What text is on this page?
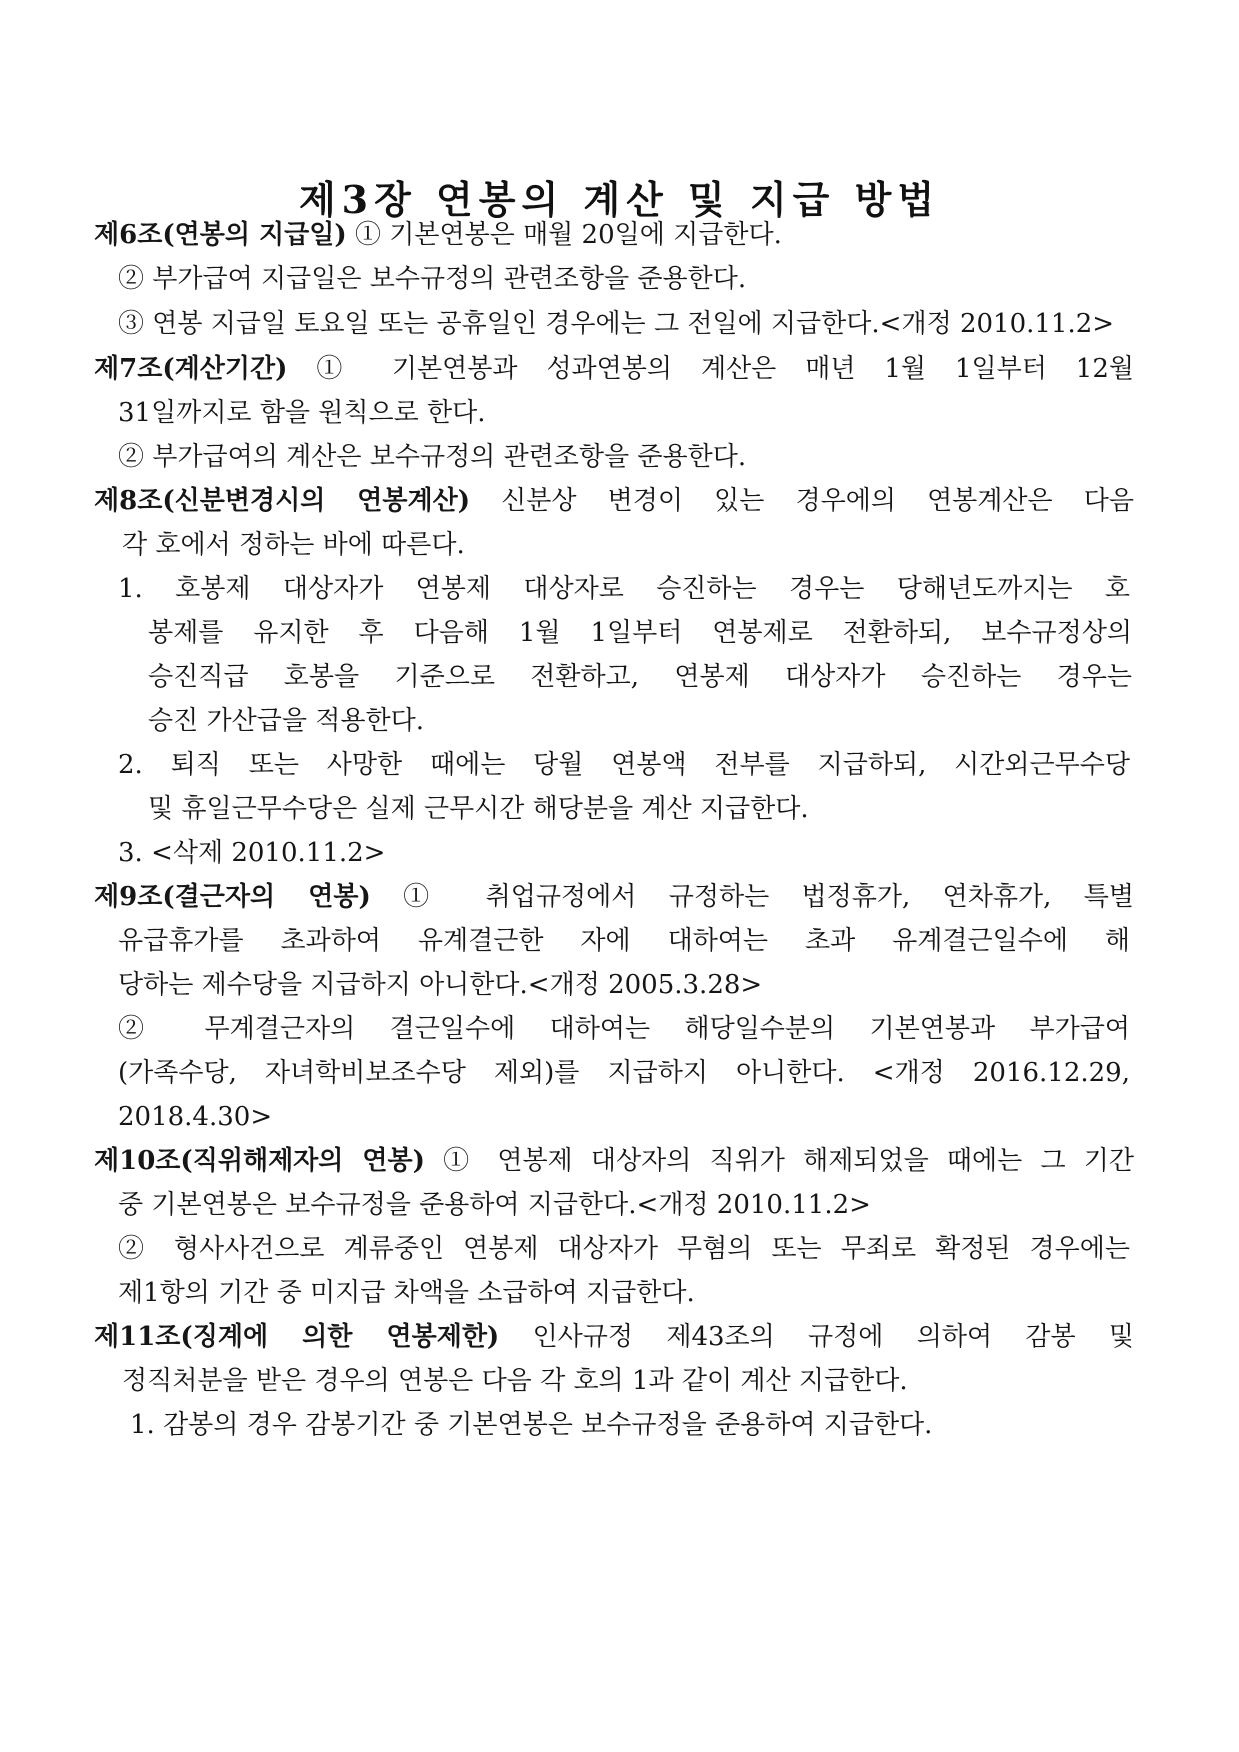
제3장 연봉의 계산 및 지급 방법
제6조(연봉의 지급일) ① 기본연봉은 매월 20일에 지급한다.
② 부가급여 지급일은 보수규정의 관련조항을 준용한다.
③ 연봉 지급일 토요일 또는 공휴일인 경우에는 그 전일에 지급한다.<개정 2010.11.2>
제7조(계산기간) ① 기본연봉과 성과연봉의 계산은 매년 1월 1일부터 12월
31일까지로 함을 원칙으로 한다.
② 부가급여의 계산은 보수규정의 관련조항을 준용한다.
제8조(신분변경시의 연봉계산) 신분상 변경이 있는 경우에의 연봉계산은 다음
각 호에서 정하는 바에 따른다.
1. 호봉제 대상자가 연봉제 대상자로 승진하는 경우는 당해년도까지는 호
봉제를 유지한 후 다음해 1월 1일부터 연봉제로 전환하되, 보수규정상의
승진직급 호봉을 기준으로 전환하고, 연봉제 대상자가 승진하는 경우는
승진 가산급을 적용한다.
2. 퇴직 또는 사망한 때에는 당월 연봉액 전부를 지급하되, 시간외근무수당
및 휴일근무수당은 실제 근무시간 해당분을 계산 지급한다.
3. <삭제 2010.11.2>
제9조(결근자의 연봉) ① 취업규정에서 규정하는 법정휴가, 연차휴가, 특별
유급휴가를 초과하여 유계결근한 자에 대하여는 초과 유계결근일수에 해
당하는 제수당을 지급하지 아니한다.<개정 2005.3.28>
② 무계결근자의 결근일수에 대하여는 해당일수분의 기본연봉과 부가급여
(가족수당, 자녀학비보조수당 제외)를 지급하지 아니한다. <개정 2016.12.29,
2018.4.30>
제10조(직위해제자의 연봉) ① 연봉제 대상자의 직위가 해제되었을 때에는 그 기간
중 기본연봉은 보수규정을 준용하여 지급한다.<개정 2010.11.2>
② 형사사건으로 계류중인 연봉제 대상자가 무혐의 또는 무죄로 확정된 경우에는
제1항의 기간 중 미지급 차액을 소급하여 지급한다.
제11조(징계에 의한 연봉제한) 인사규정 제43조의 규정에 의하여 감봉 및
정직처분을 받은 경우의 연봉은 다음 각 호의 1과 같이 계산 지급한다.
1. 감봉의 경우 감봉기간 중 기본연봉은 보수규정을 준용하여 지급한다.
